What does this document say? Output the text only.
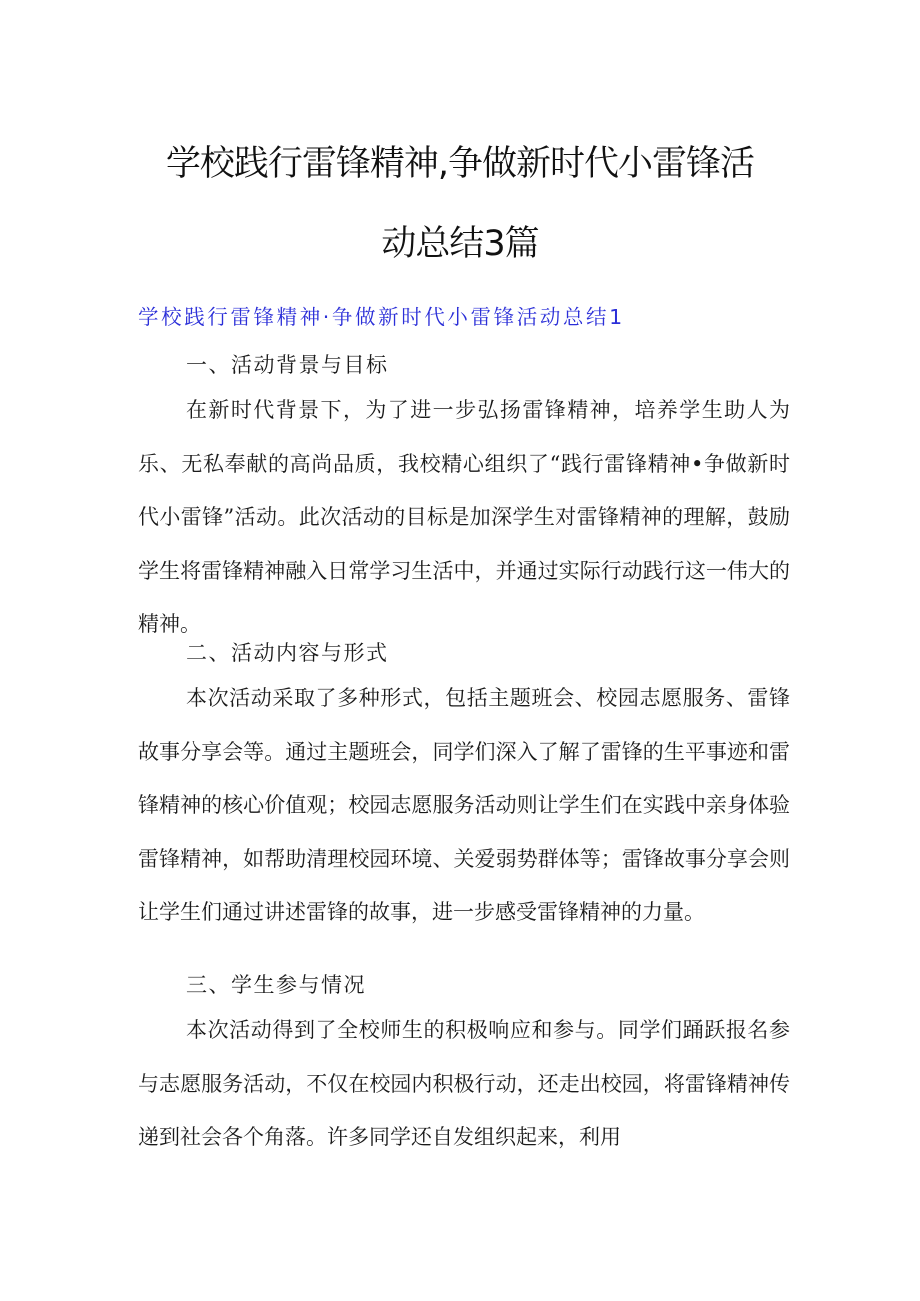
学校践行雷锋精神,争做新时代小雷锋活
动总结3篇
学校践行雷锋精神·争做新时代小雷锋活动总结1
一、活动背景与目标

在新时代背景下，为了进一步弘扬雷锋精神，培养学生助人为乐、无私奉献的高尚品质，我校精心组织了“践行雷锋精神•争做新时代小雷锋”活动。此次活动的目标是加深学生对雷锋精神的理解，鼓励学生将雷锋精神融入日常学习生活中，并通过实际行动践行这一伟大的精神。

二、活动内容与形式

本次活动采取了多种形式，包括主题班会、校园志愿服务、雷锋故事分享会等。通过主题班会，同学们深入了解了雷锋的生平事迹和雷锋精神的核心价值观；校园志愿服务活动则让学生们在实践中亲身体验雷锋精神，如帮助清理校园环境、关爱弱势群体等；雷锋故事分享会则让学生们通过讲述雷锋的故事，进一步感受雷锋精神的力量。

三、学生参与情况

本次活动得到了全校师生的积极响应和参与。同学们踊跃报名参与志愿服务活动，不仅在校园内积极行动，还走出校园，将雷锋精神传递到社会各个角落。许多同学还自发组织起来，利用
